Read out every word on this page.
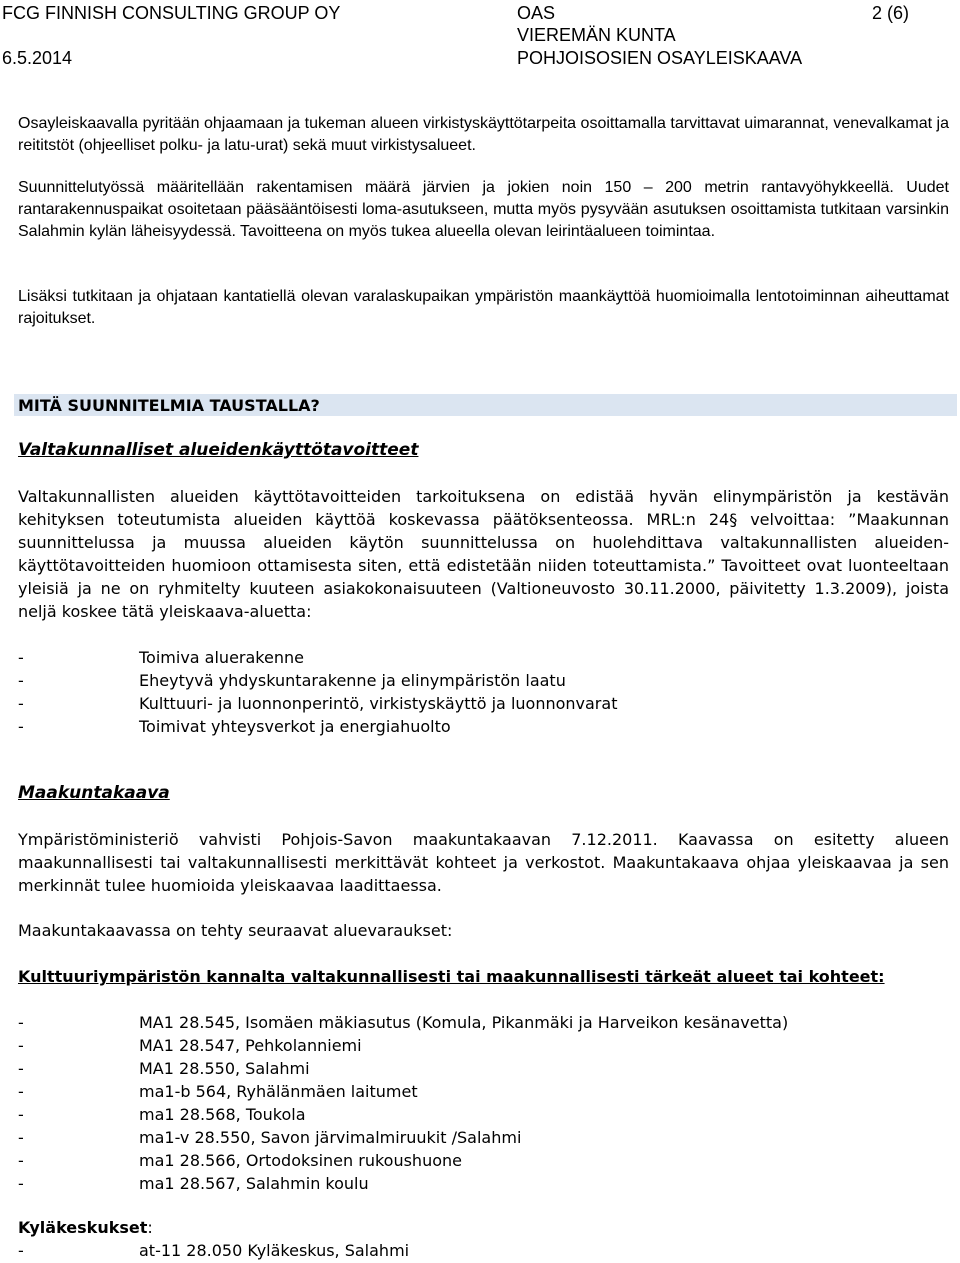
FCG FINNISH CONSULTING GROUP OY
6.5.2014
OAS
VIEREMÄN KUNTA
POHJOISOSIEN OSAYLEISKAAVA
2 (6)

Osayleiskaavalla pyritään ohjaamaan ja tukeman alueen virkistyskäyttötarpeita osoittamalla tarvittavat uimarannat, venevalkamat ja reititstöt (ohjeelliset polku- ja latu-urat) sekä muut virkistysalueet.

Suunnittelutyössä määritellään rakentamisen määrä järvien ja jokien noin 150 – 200 metrin rantavyöhykkeellä. Uudet rantarakennuspaikat osoitetaan pääsääntöisesti loma-asutukseen, mutta myös pysyvään asutuksen osoittamista tutkitaan varsinkin Salahmin kylän läheisyydessä. Tavoitteena on myös tukea alueella olevan leirintäalueen toimintaa.

Lisäksi tutkitaan ja ohjataan kantatiellä olevan varalaskupaikan ympäristön maankäyttöä huomioimalla lentotoiminnan aiheuttamat rajoitukset.

MITÄ SUUNNITELMIA TAUSTALLA?
Valtakunnalliset alueidenkäyttötavoitteet

Valtakunnallisten alueiden käyttötavoitteiden tarkoituksena on edistää hyvän elinympäristön ja kestävän kehityksen toteutumista alueiden käyttöä koskevassa päätöksenteossa. MRL:n 24§ velvoittaa: ”Maakunnan suunnittelussa ja muussa alueiden käytön suunnittelussa on huolehdittava valtakunnallisten alueiden-käyttötavoitteiden huomioon ottamisesta siten, että edistetään niiden toteuttamista.” Tavoitteet ovat luonteeltaan yleisiä ja ne on ryhmitelty kuuteen asiakokonaisuuteen (Valtioneuvosto 30.11.2000, päivitetty 1.3.2009), joista neljä koskee tätä yleiskaava-aluetta:

-	Toimiva aluerakenne
-	Eheytyvä yhdyskuntarakenne ja elinympäristön laatu
-	Kulttuuri- ja luonnonperintö, virkistyskäyttö ja luonnonvarat
-	Toimivat yhteysverkot ja energiahuolto
Maakuntakaava

Ympäristöministeriö vahvisti Pohjois-Savon maakuntakaavan 7.12.2011. Kaavassa on esitetty alueen maakunnallisesti tai valtakunnallisesti merkittävät kohteet ja verkostot. Maakuntakaava ohjaa yleiskaavaa ja sen merkinnät tulee huomioida yleiskaavaa laadittaessa.

Maakuntakaavassa on tehty seuraavat aluevaraukset:

Kulttuuriympäristön kannalta valtakunnallisesti tai maakunnallisesti tärkeät alueet tai kohteet:
-	MA1 28.545, Isomäen mäkiasutus (Komula, Pikanmäki ja Harveikon kesänavetta)
-	MA1 28.547, Pehkolanniemi
-	MA1 28.550, Salahmi
-	ma1-b 564, Ryhälänmäen laitumet
-	ma1 28.568, Toukola
-	ma1-v 28.550, Savon järvimalmiruukit /Salahmi
-	ma1 28.566, Ortodoksinen rukoushuone
-	ma1 28.567, Salahmin koulu
Kyläkeskukset:
-	at-11 28.050 Kyläkeskus, Salahmi
